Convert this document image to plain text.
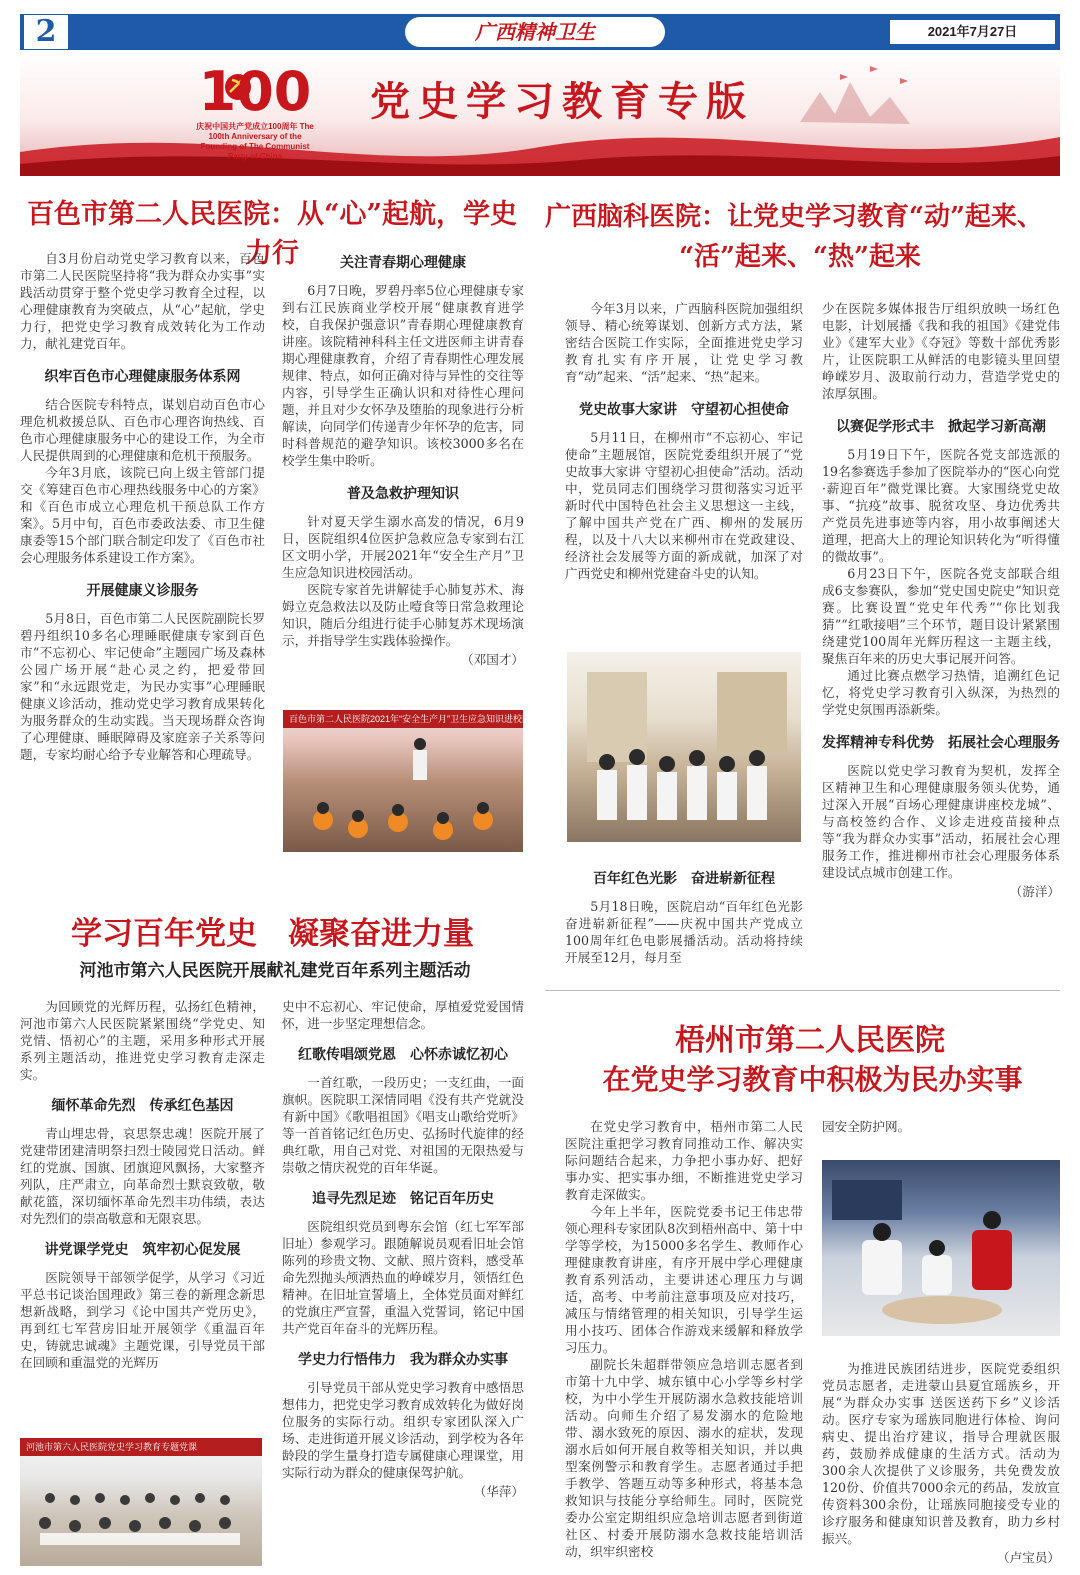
2	广西精神卫生	2021年7月27日
100
庆祝中国共产党成立100周年 The 100th Anniversary of the Founding of The Communist Party of China
党史学习教育专版
百色市第二人民医院：从“心”起航，学史力行
自3月份启动党史学习教育以来，百色市第二人民医院坚持将“我为群众办实事”实践活动贯穿于整个党史学习教育全过程，以心理健康教育为突破点，从“心”起航，学史力行，把党史学习教育成效转化为工作动力，献礼建党百年。
织牢百色市心理健康服务体系网
结合医院专科特点，谋划启动百色市心理危机救援总队、百色市心理咨询热线、百色市心理健康服务中心的建设工作，为全市人民提供周到的心理健康和危机干预服务。
今年3月底，该院已向上级主管部门提交《筹建百色市心理热线服务中心的方案》和《百色市成立心理危机干预总队工作方案》。5月中旬，百色市委政法委、市卫生健康委等15个部门联合制定印发了《百色市社会心理服务体系建设工作方案》。
开展健康义诊服务
5月8日，百色市第二人民医院副院长罗碧丹组织10多名心理睡眠健康专家到百色市“不忘初心、牢记使命”主题园广场及森林公园广场开展“赴心灵之约，把爱带回家”和“永远跟党走，为民办实事”心理睡眠健康义诊活动，推动党史学习教育成果转化为服务群众的生动实践。当天现场群众咨询了心理健康、睡眠障碍及家庭亲子关系等问题，专家均耐心给予专业解答和心理疏导。
关注青春期心理健康
6月7日晚，罗碧丹率5位心理健康专家到右江民族商业学校开展“健康教育进学校，自我保护强意识”青春期心理健康教育讲座。该院精神科科主任文进医师主讲青春期心理健康教育，介绍了青春期性心理发展规律、特点，如何正确对待与异性的交往等内容，引导学生正确认识和对待性心理问题，并且对少女怀孕及堕胎的现象进行分析解读，向同学们传递青少年怀孕的危害，同时科普规范的避孕知识。该校3000多名在校学生集中聆听。
普及急救护理知识
针对夏天学生溺水高发的情况，6月9日，医院组织4位医护急救应急专家到右江区文明小学，开展2021年“安全生产月”卫生应急知识进校园活动。
医院专家首先讲解徒手心肺复苏术、海姆立克急救法以及防止噎食等日常急救理论知识，随后分组进行徒手心肺复苏术现场演示，并指导学生实践体验操作。
（邓国才）
百色市第二人民医院2021年“安全生产月”卫生应急知识进校园活动
学习百年党史　凝聚奋进力量
河池市第六人民医院开展献礼建党百年系列主题活动
为回顾党的光辉历程，弘扬红色精神，河池市第六人民医院紧紧围绕“学党史、知党情、悟初心”的主题，采用多种形式开展系列主题活动，推进党史学习教育走深走实。
缅怀革命先烈　传承红色基因
青山埋忠骨，哀思祭忠魂！医院开展了党建带团建清明祭扫烈士陵园党日活动。鲜红的党旗、国旗、团旗迎风飘扬，大家整齐列队，庄严肃立，向革命烈士默哀致敬，敬献花篮，深切缅怀革命先烈丰功伟绩，表达对先烈们的崇高敬意和无限哀思。
讲党课学党史　筑牢初心促发展
医院领导干部领学促学，从学习《习近平总书记谈治国理政》第三卷的新理念新思想新战略，到学习《论中国共产党历史》，再到红七军营房旧址开展领学《重温百年史，铸就忠诚魂》主题党课，引导党员干部在回顾和重温党的光辉历
史中不忘初心、牢记使命，厚植爱党爱国情怀，进一步坚定理想信念。
红歌传唱颂党恩　心怀赤诚忆初心
一首红歌，一段历史；一支红曲，一面旗帜。医院职工深情同唱《没有共产党就没有新中国》《歌唱祖国》《唱支山歌给党听》等一首首铭记红色历史、弘扬时代旋律的经典红歌，用自己对党、对祖国的无限热爱与崇敬之情庆祝党的百年华诞。
追寻先烈足迹　铭记百年历史
医院组织党员到粤东会馆（红七军军部旧址）参观学习。跟随解说员观看旧址会馆陈列的珍贵文物、文献、照片资料，感受革命先烈抛头颅洒热血的峥嵘岁月，领悟红色精神。在旧址宣誓墙上，全体党员面对鲜红的党旗庄严宣誓，重温入党誓词，铭记中国共产党百年奋斗的光辉历程。
学史力行悟伟力　我为群众办实事
引导党员干部从党史学习教育中感悟思想伟力，把党史学习教育成效转化为做好岗位服务的实际行动。组织专家团队深入广场、走进街道开展义诊活动，到学校为各年龄段的学生量身打造专属健康心理课堂，用实际行动为群众的健康保驾护航。
（华萍）
河池市第六人民医院党史学习教育专题党课
广西脑科医院：让党史学习教育“动”起来、
“活”起来、“热”起来
今年3月以来，广西脑科医院加强组织领导、精心统筹谋划、创新方式方法，紧密结合医院工作实际，全面推进党史学习教育扎实有序开展，让党史学习教育“动”起来、“活”起来、“热”起来。
党史故事大家讲　守望初心担使命
5月11日，在柳州市“不忘初心、牢记使命”主题展馆，医院党委组织开展了“党史故事大家讲 守望初心担使命”活动。活动中，党员同志们围绕学习贯彻落实习近平新时代中国特色社会主义思想这一主线，了解中国共产党在广西、柳州的发展历程，以及十八大以来柳州市在党政建设、经济社会发展等方面的新成就，加深了对广西党史和柳州党建奋斗史的认知。
百年红色光影　奋进崭新征程
5月18日晚，医院启动“百年红色光影 奋进崭新征程”——庆祝中国共产党成立100周年红色电影展播活动。活动将持续开展至12月，每月至
少在医院多媒体报告厅组织放映一场红色电影，计划展播《我和我的祖国》《建党伟业》《建军大业》《夺冠》等数十部优秀影片，让医院职工从鲜活的电影镜头里回望峥嵘岁月、汲取前行动力，营造学党史的浓厚氛围。
以赛促学形式丰　掀起学习新高潮
5月19日下午，医院各党支部选派的19名参赛选手参加了医院举办的“医心向党·薪迎百年”微党课比赛。大家围绕党史故事、“抗疫”故事、脱贫攻坚、身边优秀共产党员先进事迹等内容，用小故事阐述大道理，把高大上的理论知识转化为“听得懂的微故事”。
6月23日下午，医院各党支部联合组成6支参赛队，参加“党史国史院史”知识竞赛。比赛设置“党史年代秀”“你比划我猜”“红歌接唱”三个环节，题目设计紧紧围绕建党100周年光辉历程这一主题主线，聚焦百年来的历史大事记展开问答。
通过比赛点燃学习热情，追溯红色记忆，将党史学习教育引入纵深，为热烈的学党史氛围再添新柴。
发挥精神专科优势　拓展社会心理服务
医院以党史学习教育为契机，发挥全区精神卫生和心理健康服务领头优势，通过深入开展“百场心理健康讲座校龙城”、与高校签约合作、义诊走进疫苗接种点等“我为群众办实事”活动，拓展社会心理服务工作，推进柳州市社会心理服务体系建设试点城市创建工作。
（游洋）
梧州市第二人民医院
在党史学习教育中积极为民办实事
在党史学习教育中，梧州市第二人民医院注重把学习教育同推动工作、解决实际问题结合起来，力争把小事办好、把好事办实、把实事办细，不断推进党史学习教育走深做实。
今年上半年，医院党委书记王伟忠带领心理科专家团队8次到梧州高中、第十中学等学校，为15000多名学生、教师作心理健康教育讲座，有序开展中学心理健康教育系列活动，主要讲述心理压力与调适，高考、中考前注意事项及应对技巧，减压与情绪管理的相关知识，引导学生运用小技巧、团体合作游戏来缓解和释放学习压力。
副院长朱超群带领应急培训志愿者到市第十九中学、城东镇中心小学等乡村学校，为中小学生开展防溺水急救技能培训活动。向师生介绍了易发溺水的危险地带、溺水致死的原因、溺水的症状，发现溺水后如何开展自救等相关知识，并以典型案例警示和教育学生。志愿者通过手把手教学、答题互动等多种形式，将基本急救知识与技能分享给师生。同时，医院党委办公室定期组织应急培训志愿者到街道社区、村委开展防溺水急救技能培训活动，织牢织密校
园安全防护网。
为推进民族团结进步，医院党委组织党员志愿者，走进蒙山县夏宜瑶族乡，开展“为群众办实事 送医送药下乡”义诊活动。医疗专家为瑶族同胞进行体检、询问病史、提出治疗建议，指导合理就医服药，鼓励养成健康的生活方式。活动为300余人次提供了义诊服务，共免费发放120份、价值共7000余元的药品，发放宣传资料300余份，让瑶族同胞接受专业的诊疗服务和健康知识普及教育，助力乡村振兴。
（卢宝员）
